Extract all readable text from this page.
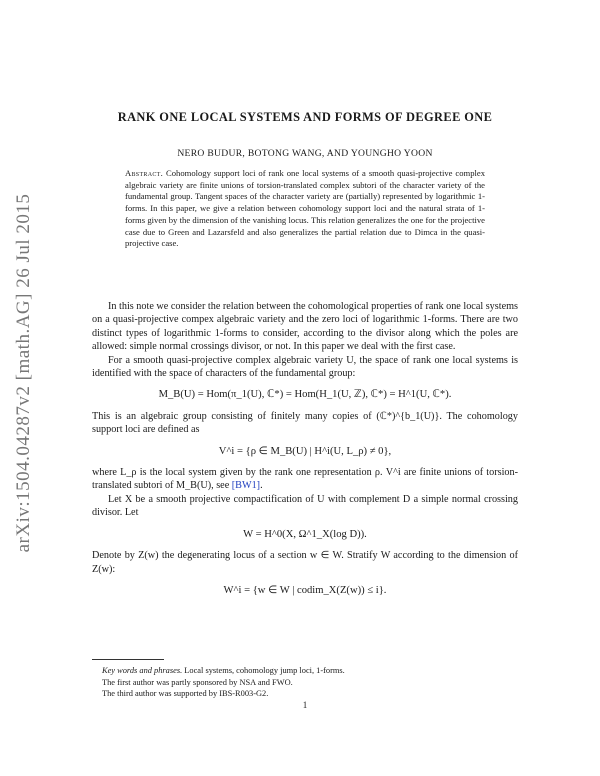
arXiv:1504.04287v2 [math.AG] 26 Jul 2015
RANK ONE LOCAL SYSTEMS AND FORMS OF DEGREE ONE
NERO BUDUR, BOTONG WANG, AND YOUNGHO YOON
Abstract. Cohomology support loci of rank one local systems of a smooth quasi-projective complex algebraic variety are finite unions of torsion-translated complex subtori of the character variety of the fundamental group. Tangent spaces of the character variety are (partially) represented by logarithmic 1-forms. In this paper, we give a relation between cohomology support loci and the natural strata of 1-forms given by the dimension of the vanishing locus. This relation generalizes the one for the projective case due to Green and Lazarsfeld and also generalizes the partial relation due to Dimca in the quasi-projective case.

In this note we consider the relation between the cohomological properties of rank one local systems on a quasi-projective compex algebraic variety and the zero loci of logarithmic 1-forms. There are two distinct types of logarithmic 1-forms to consider, according to the divisor along which the poles are allowed: simple normal crossings divisor, or not. In this paper we deal with the first case.

For a smooth quasi-projective complex algebraic variety U, the space of rank one local systems is identified with the space of characters of the fundamental group:

M_B(U) = Hom(π_1(U), ℂ*) = Hom(H_1(U, ℤ), ℂ*) = H^1(U, ℂ*).

This is an algebraic group consisting of finitely many copies of (ℂ*)^{b_1(U)}. The cohomology support loci are defined as

V^i = {ρ ∈ M_B(U) | H^i(U, L_ρ) ≠ 0},

where L_ρ is the local system given by the rank one representation ρ. V^i are finite unions of torsion-translated subtori of M_B(U), see [BW1].

Let X be a smooth projective compactification of U with complement D a simple normal crossing divisor. Let

W = H^0(X, Ω^1_X(log D)).

Denote by Z(w) the degenerating locus of a section w ∈ W. Stratify W according to the dimension of Z(w):

W^i = {w ∈ W | codim_X(Z(w)) ≤ i}.
Key words and phrases. Local systems, cohomology jump loci, 1-forms.
The first author was partly sponsored by NSA and FWO.
The third author was supported by IBS-R003-G2.
1
